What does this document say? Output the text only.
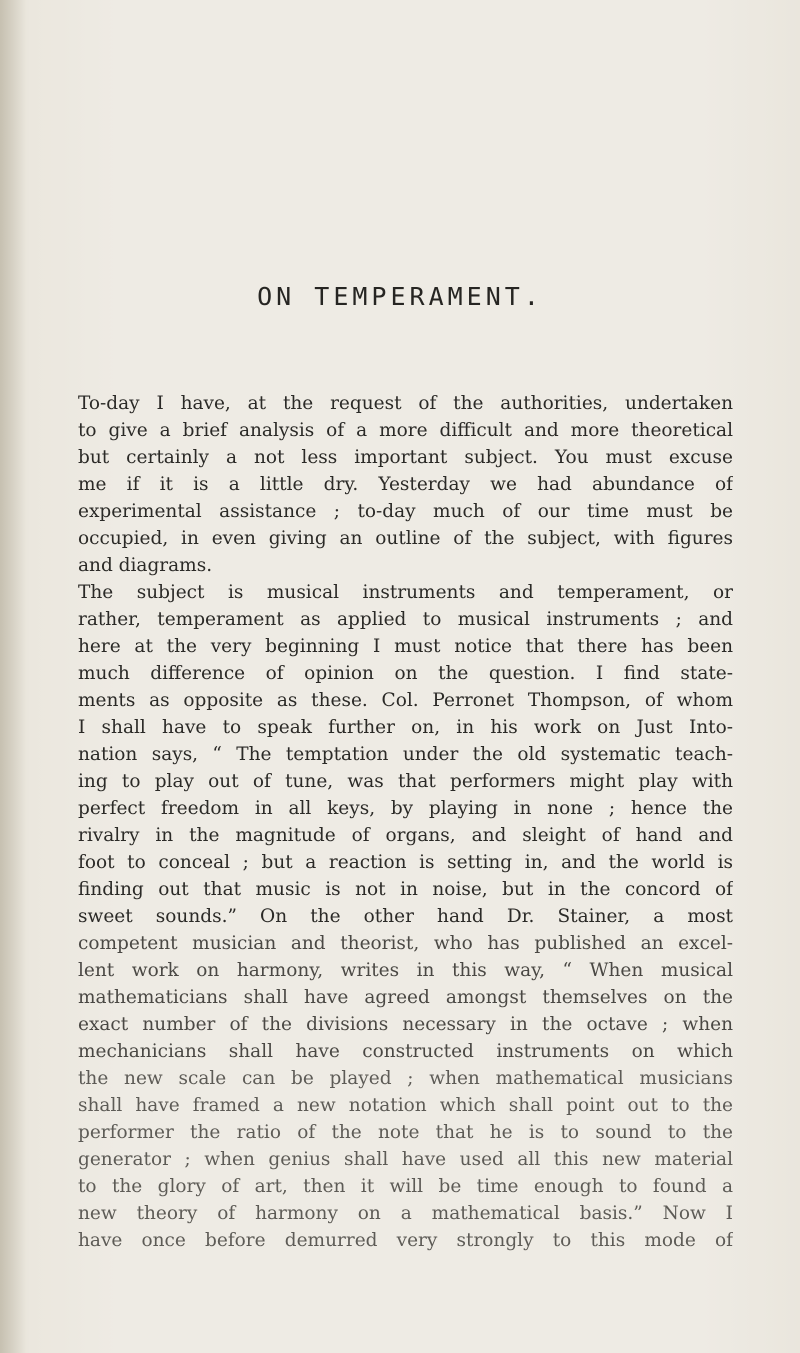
ON TEMPERAMENT.
To-day I have, at the request of the authorities, undertaken
to give a brief analysis of a more difficult and more theoretical
but certainly a not less important subject. You must excuse
me if it is a little dry. Yesterday we had abundance of
experimental assistance ; to-day much of our time must be
occupied, in even giving an outline of the subject, with figures
and diagrams.
The subject is musical instruments and temperament, or
rather, temperament as applied to musical instruments ; and
here at the very beginning I must notice that there has been
much difference of opinion on the question. I find state-
ments as opposite as these. Col. Perronet Thompson, of whom
I shall have to speak further on, in his work on Just Into-
nation says, “ The temptation under the old systematic teach-
ing to play out of tune, was that performers might play with
perfect freedom in all keys, by playing in none ; hence the
rivalry in the magnitude of organs, and sleight of hand and
foot to conceal ; but a reaction is setting in, and the world is
finding out that music is not in noise, but in the concord of
sweet sounds.” On the other hand Dr. Stainer, a most
competent musician and theorist, who has published an excel-
lent work on harmony, writes in this way, “ When musical
mathematicians shall have agreed amongst themselves on the
exact number of the divisions necessary in the octave ; when
mechanicians shall have constructed instruments on which
the new scale can be played ; when mathematical musicians
shall have framed a new notation which shall point out to the
performer the ratio of the note that he is to sound to the
generator ; when genius shall have used all this new material
to the glory of art, then it will be time enough to found a
new theory of harmony on a mathematical basis.” Now I
have once before demurred very strongly to this mode of
